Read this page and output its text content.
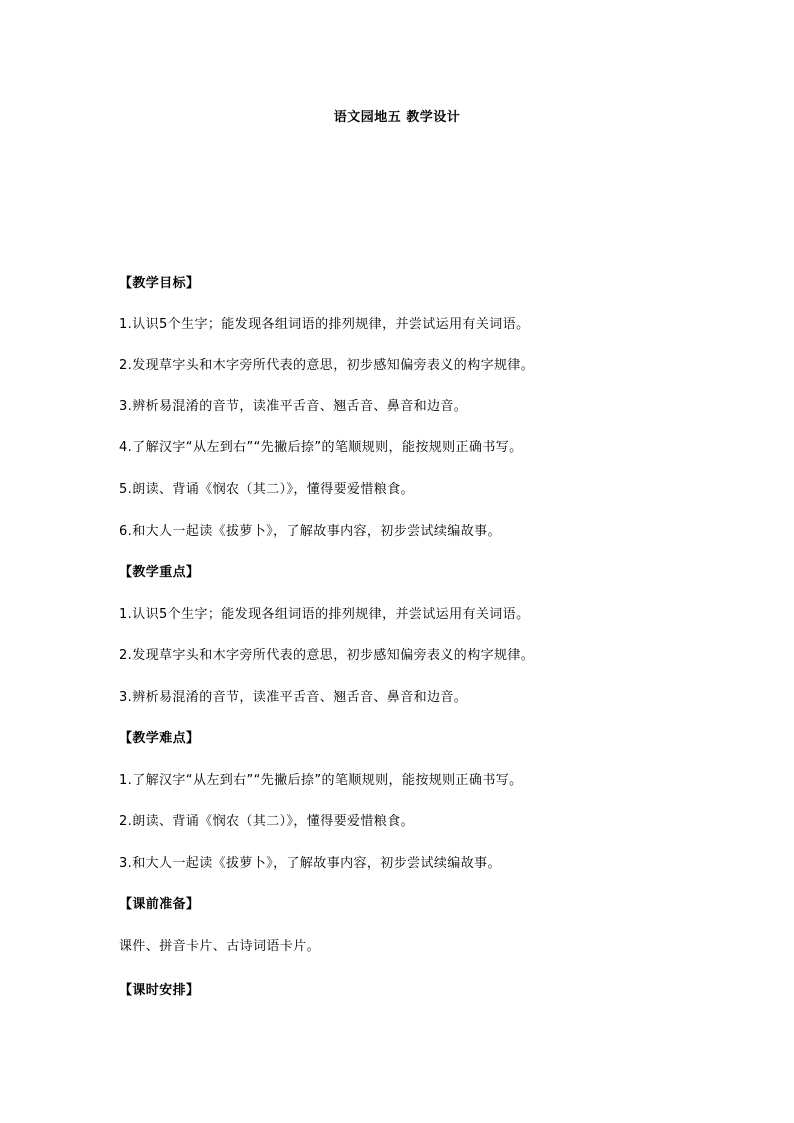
语文园地五 教学设计
【教学目标】
1.认识5个生字；能发现各组词语的排列规律，并尝试运用有关词语。
2.发现草字头和木字旁所代表的意思，初步感知偏旁表义的构字规律。
3.辨析易混淆的音节，读准平舌音、翘舌音、鼻音和边音。
4.了解汉字“从左到右”“先撇后捺”的笔顺规则，能按规则正确书写。
5.朗读、背诵《悯农（其二）》，懂得要爱惜粮食。
6.和大人一起读《拔萝卜》，了解故事内容，初步尝试续编故事。
【教学重点】
1.认识5个生字；能发现各组词语的排列规律，并尝试运用有关词语。
2.发现草字头和木字旁所代表的意思，初步感知偏旁表义的构字规律。
3.辨析易混淆的音节，读准平舌音、翘舌音、鼻音和边音。
【教学难点】
1.了解汉字“从左到右”“先撇后捺”的笔顺规则，能按规则正确书写。
2.朗读、背诵《悯农（其二）》，懂得要爱惜粮食。
3.和大人一起读《拔萝卜》，了解故事内容，初步尝试续编故事。
【课前准备】
课件、拼音卡片、古诗词语卡片。
【课时安排】
